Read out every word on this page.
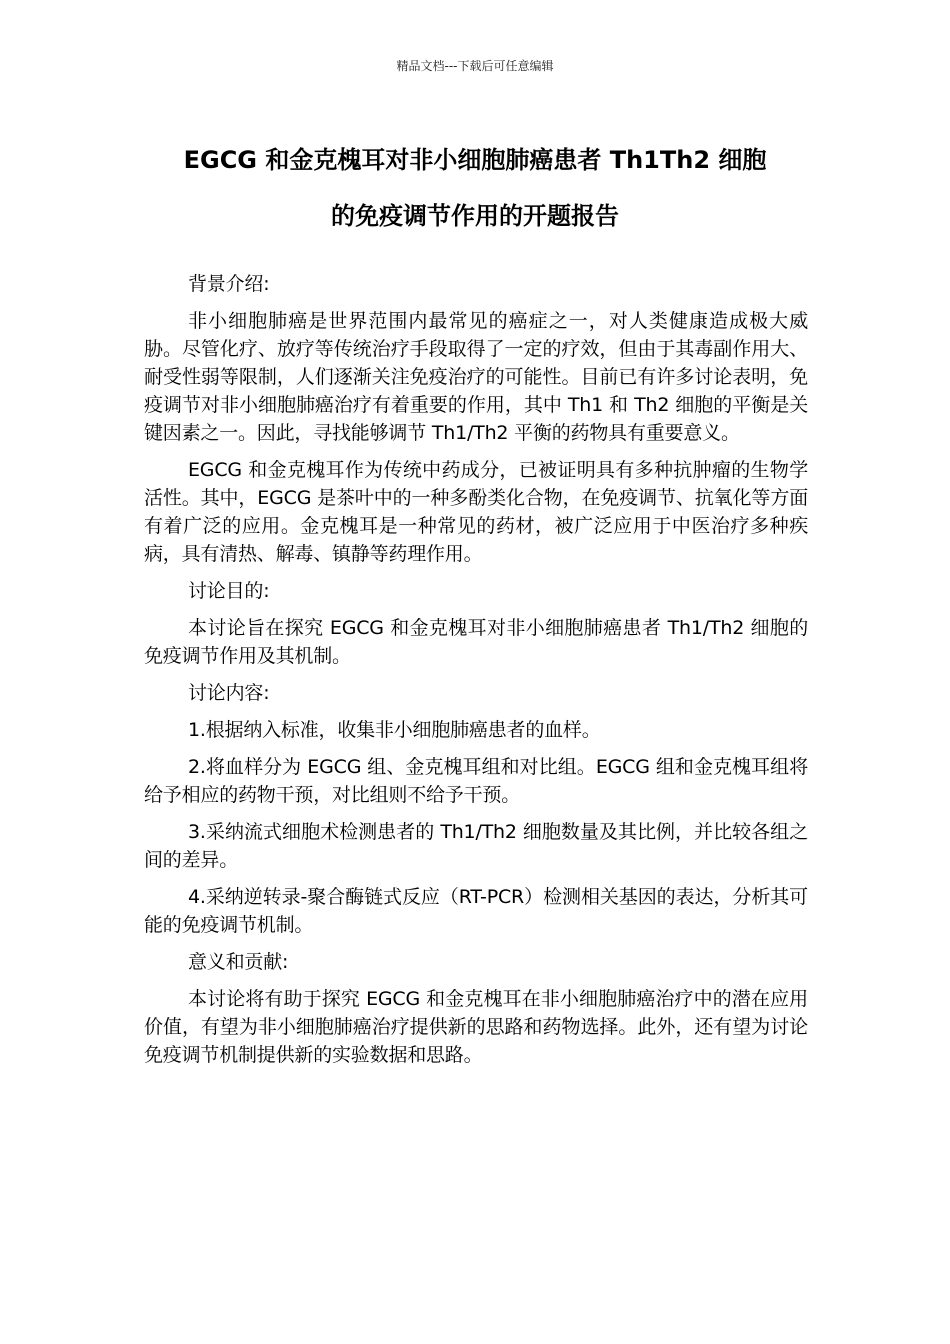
精品文档---下载后可任意编辑
EGCG 和金克槐耳对非小细胞肺癌患者 Th1Th2 细胞
的免疫调节作用的开题报告

背景介绍:

非小细胞肺癌是世界范围内最常见的癌症之一，对人类健康造成极大威胁。尽管化疗、放疗等传统治疗手段取得了一定的疗效，但由于其毒副作用大、耐受性弱等限制，人们逐渐关注免疫治疗的可能性。目前已有许多讨论表明，免疫调节对非小细胞肺癌治疗有着重要的作用，其中 Th1 和 Th2 细胞的平衡是关键因素之一。因此，寻找能够调节 Th1/Th2 平衡的药物具有重要意义。

EGCG 和金克槐耳作为传统中药成分，已被证明具有多种抗肿瘤的生物学活性。其中，EGCG 是茶叶中的一种多酚类化合物，在免疫调节、抗氧化等方面有着广泛的应用。金克槐耳是一种常见的药材，被广泛应用于中医治疗多种疾病，具有清热、解毒、镇静等药理作用。

讨论目的:

本讨论旨在探究 EGCG 和金克槐耳对非小细胞肺癌患者 Th1/Th2 细胞的免疫调节作用及其机制。

讨论内容:

1.根据纳入标准，收集非小细胞肺癌患者的血样。

2.将血样分为 EGCG 组、金克槐耳组和对比组。EGCG 组和金克槐耳组将给予相应的药物干预，对比组则不给予干预。

3.采纳流式细胞术检测患者的 Th1/Th2 细胞数量及其比例，并比较各组之间的差异。

4.采纳逆转录-聚合酶链式反应（RT-PCR）检测相关基因的表达，分析其可能的免疫调节机制。

意义和贡献:

本讨论将有助于探究 EGCG 和金克槐耳在非小细胞肺癌治疗中的潜在应用价值，有望为非小细胞肺癌治疗提供新的思路和药物选择。此外，还有望为讨论免疫调节机制提供新的实验数据和思路。
